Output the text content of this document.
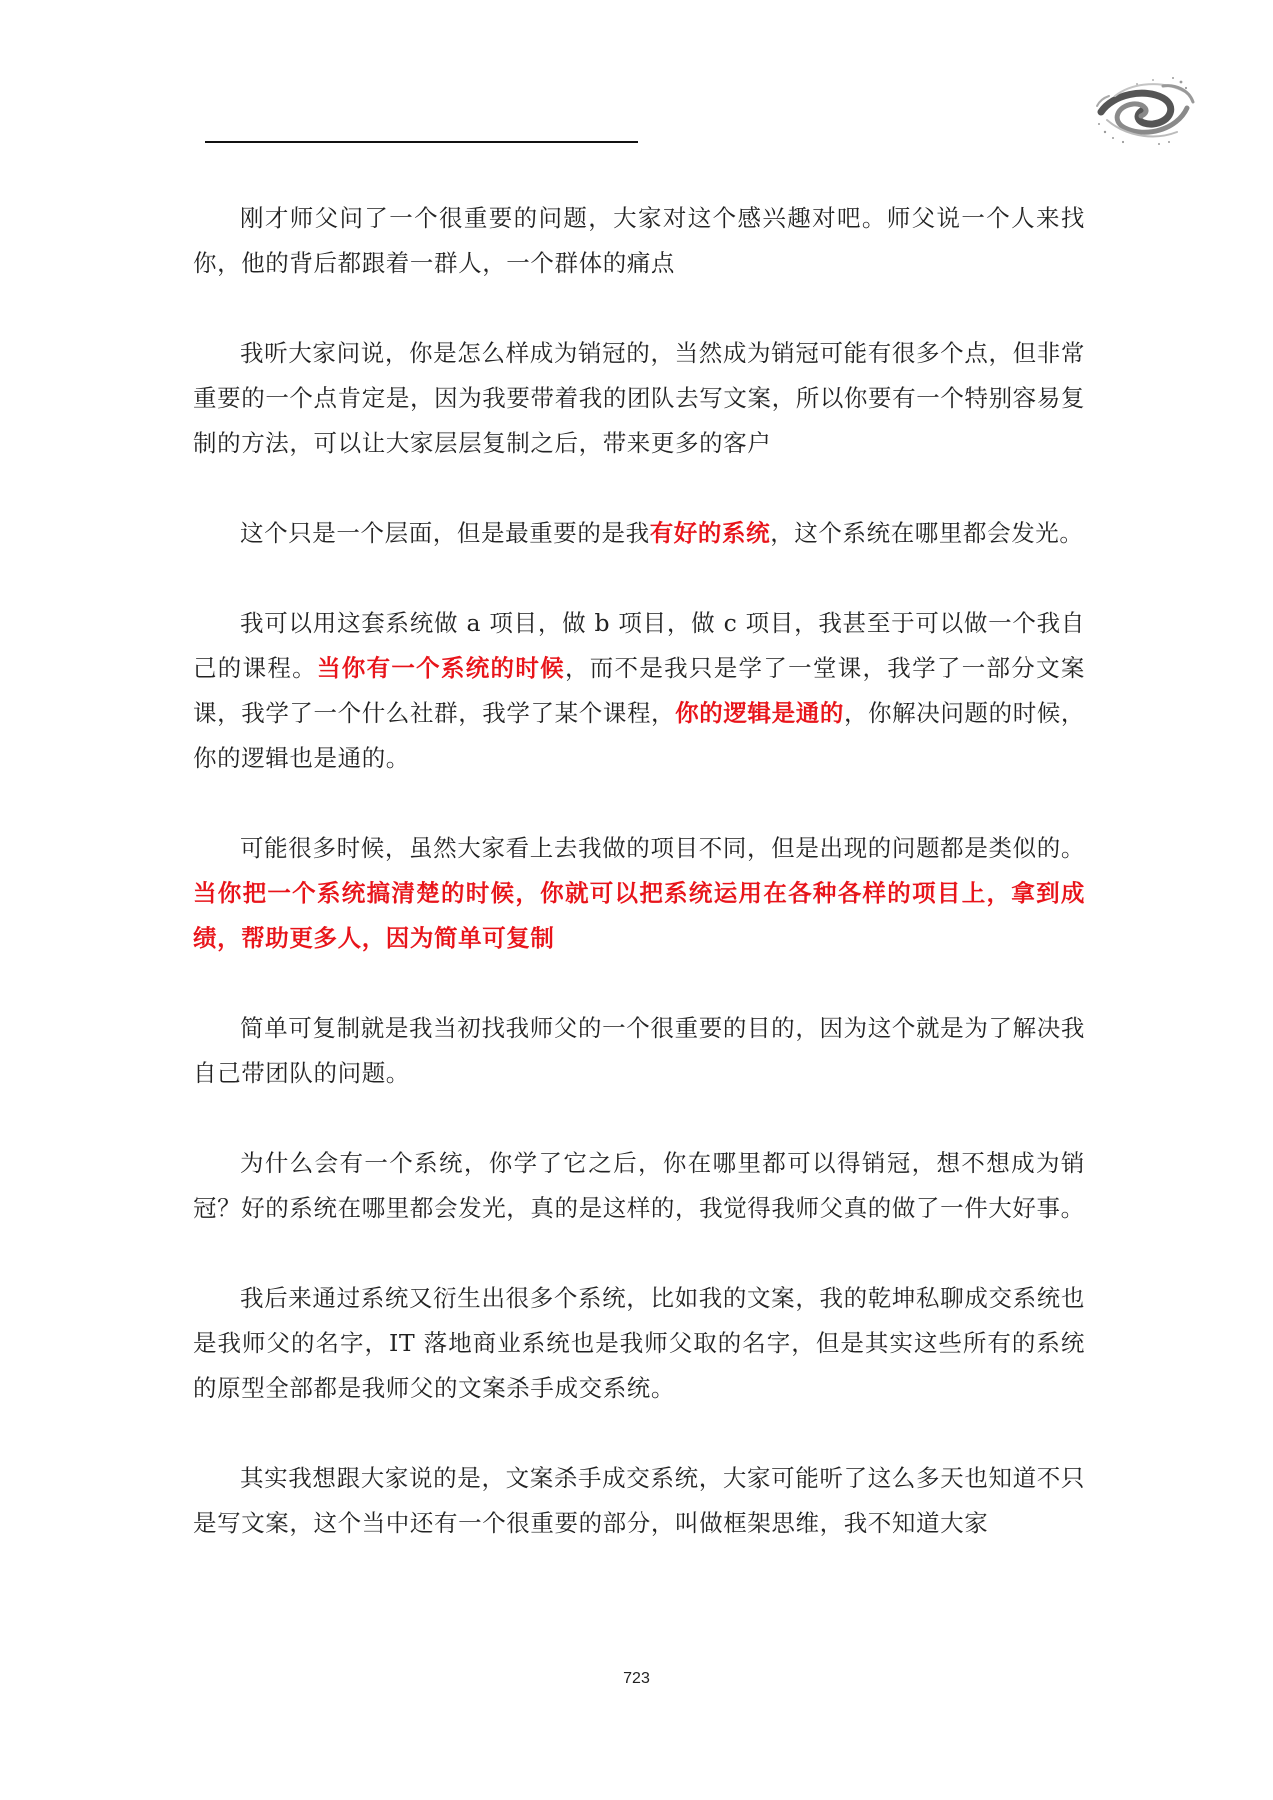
刚才师父问了一个很重要的问题，大家对这个感兴趣对吧。师父说一个人来找你，他的背后都跟着一群人，一个群体的痛点

我听大家问说，你是怎么样成为销冠的，当然成为销冠可能有很多个点，但非常重要的一个点肯定是，因为我要带着我的团队去写文案，所以你要有一个特别容易复制的方法，可以让大家层层复制之后，带来更多的客户

这个只是一个层面，但是最重要的是我有好的系统，这个系统在哪里都会发光。

我可以用这套系统做 a 项目，做 b 项目，做 c 项目，我甚至于可以做一个我自己的课程。当你有一个系统的时候，而不是我只是学了一堂课，我学了一部分文案课，我学了一个什么社群，我学了某个课程，你的逻辑是通的，你解决问题的时候，你的逻辑也是通的。

可能很多时候，虽然大家看上去我做的项目不同，但是出现的问题都是类似的。当你把一个系统搞清楚的时候，你就可以把系统运用在各种各样的项目上，拿到成绩，帮助更多人，因为简单可复制

简单可复制就是我当初找我师父的一个很重要的目的，因为这个就是为了解决我自己带团队的问题。

为什么会有一个系统，你学了它之后，你在哪里都可以得销冠，想不想成为销冠？好的系统在哪里都会发光，真的是这样的，我觉得我师父真的做了一件大好事。

我后来通过系统又衍生出很多个系统，比如我的文案，我的乾坤私聊成交系统也是我师父的名字，IT 落地商业系统也是我师父取的名字，但是其实这些所有的系统的原型全部都是我师父的文案杀手成交系统。

其实我想跟大家说的是，文案杀手成交系统，大家可能听了这么多天也知道不只是写文案，这个当中还有一个很重要的部分，叫做框架思维，我不知道大家

723
